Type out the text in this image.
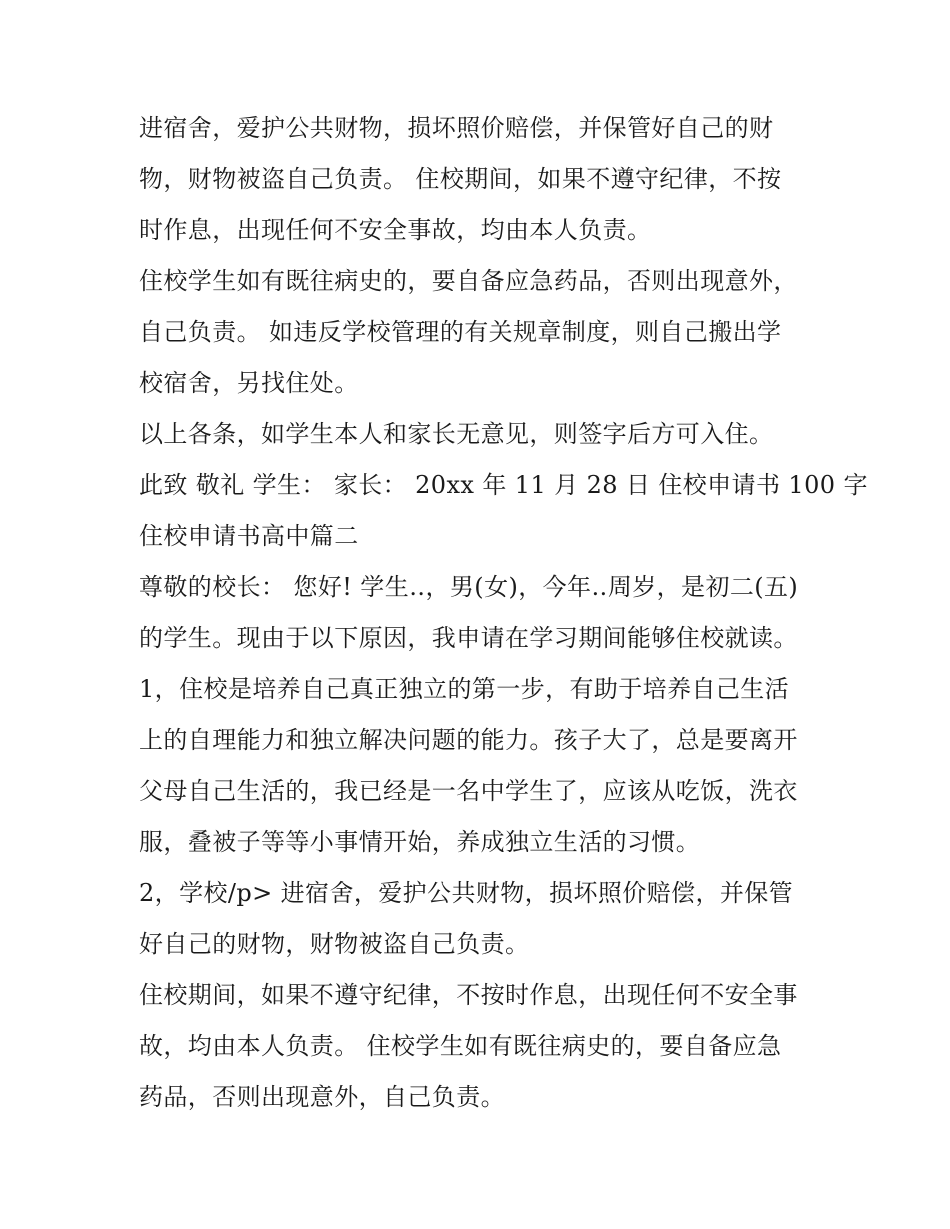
进宿舍，爱护公共财物，损坏照价赔偿，并保管好自己的财
物，财物被盗自己负责。 住校期间，如果不遵守纪律，不按
时作息，出现任何不安全事故，均由本人负责。
住校学生如有既往病史的，要自备应急药品，否则出现意外，
自己负责。 如违反学校管理的有关规章制度，则自己搬出学
校宿舍，另找住处。
以上各条，如学生本人和家长无意见，则签字后方可入住。
此致 敬礼 学生： 家长： 20xx 年 11 月 28 日 住校申请书 100 字
住校申请书高中篇二
尊敬的校长： 您好! 学生‥，男(女)，今年‥周岁，是初二(五)
的学生。现由于以下原因，我申请在学习期间能够住校就读。
1，住校是培养自己真正独立的第一步，有助于培养自己生活
上的自理能力和独立解决问题的能力。孩子大了，总是要离开
父母自己生活的，我已经是一名中学生了，应该从吃饭，洗衣
服，叠被子等等小事情开始，养成独立生活的习惯。
2，学校/p> 进宿舍，爱护公共财物，损坏照价赔偿，并保管
好自己的财物，财物被盗自己负责。
住校期间，如果不遵守纪律，不按时作息，出现任何不安全事
故，均由本人负责。 住校学生如有既往病史的，要自备应急
药品，否则出现意外，自己负责。
